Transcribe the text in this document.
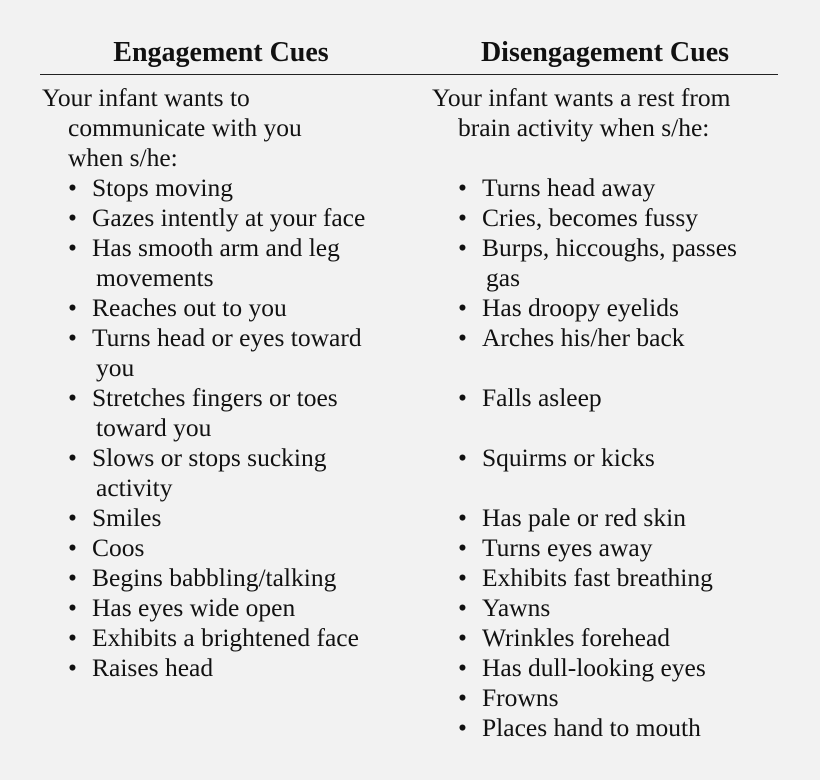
Engagement Cues	Disengagement Cues

Your infant wants to
communicate with you
when s/he:

• Stops moving
• Gazes intently at your face
• Has smooth arm and leg
movements
• Reaches out to you
• Turns head or eyes toward
you
• Stretches fingers or toes
toward you
• Slows or stops sucking
activity
• Smiles
• Coos
• Begins babbling/talking
• Has eyes wide open
• Exhibits a brightened face
• Raises head

Your infant wants a rest from
brain activity when s/he:

• Turns head away
• Cries, becomes fussy
• Burps, hiccoughs, passes
gas
• Has droopy eyelids
• Arches his/her back
• Falls asleep
• Squirms or kicks
• Has pale or red skin
• Turns eyes away
• Exhibits fast breathing
• Yawns
• Wrinkles forehead
• Has dull-looking eyes
• Frowns
• Places hand to mouth
